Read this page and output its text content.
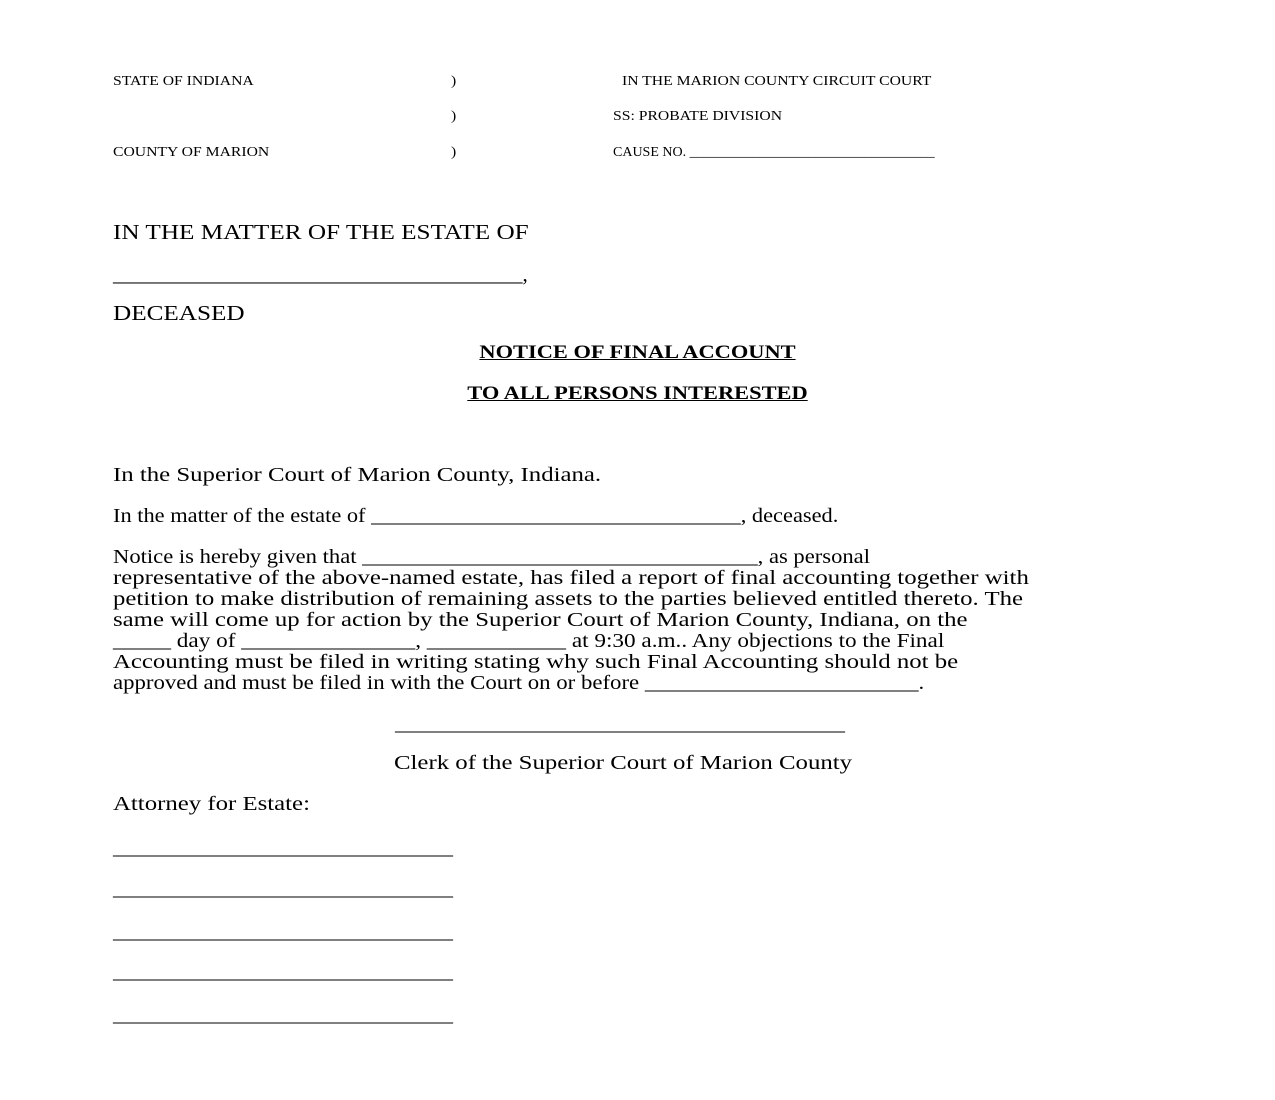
STATE OF INDIANA
COUNTY OF MARION
)
)
)
IN THE MARION COUNTY CIRCUIT COURT
SS: PROBATE DIVISION
CAUSE NO. ___________________________________
IN THE MATTER OF THE ESTATE OF
_______________________________________,
DECEASED
NOTICE OF FINAL ACCOUNT
TO ALL PERSONS INTERESTED
In the Superior Court of Marion County, Indiana.
In the matter of the estate of _________________________________, deceased.
Notice is hereby given that ___________________________________, as personal
representative of the above-named estate, has filed a report of final accounting together with
petition to make distribution of remaining assets to the parties believed entitled thereto. The
same will come up for action by the Superior Court of Marion County, Indiana, on the
_____ day of _______________, ____________ at 9:30 a.m.. Any objections to the Final
Accounting must be filed in writing stating why such Final Accounting should not be
approved and must be filed in with the Court on or before ________________________.
_____________________________________________
Clerk of the Superior Court of Marion County
Attorney for Estate:
__________________________________
__________________________________
__________________________________
__________________________________
__________________________________
